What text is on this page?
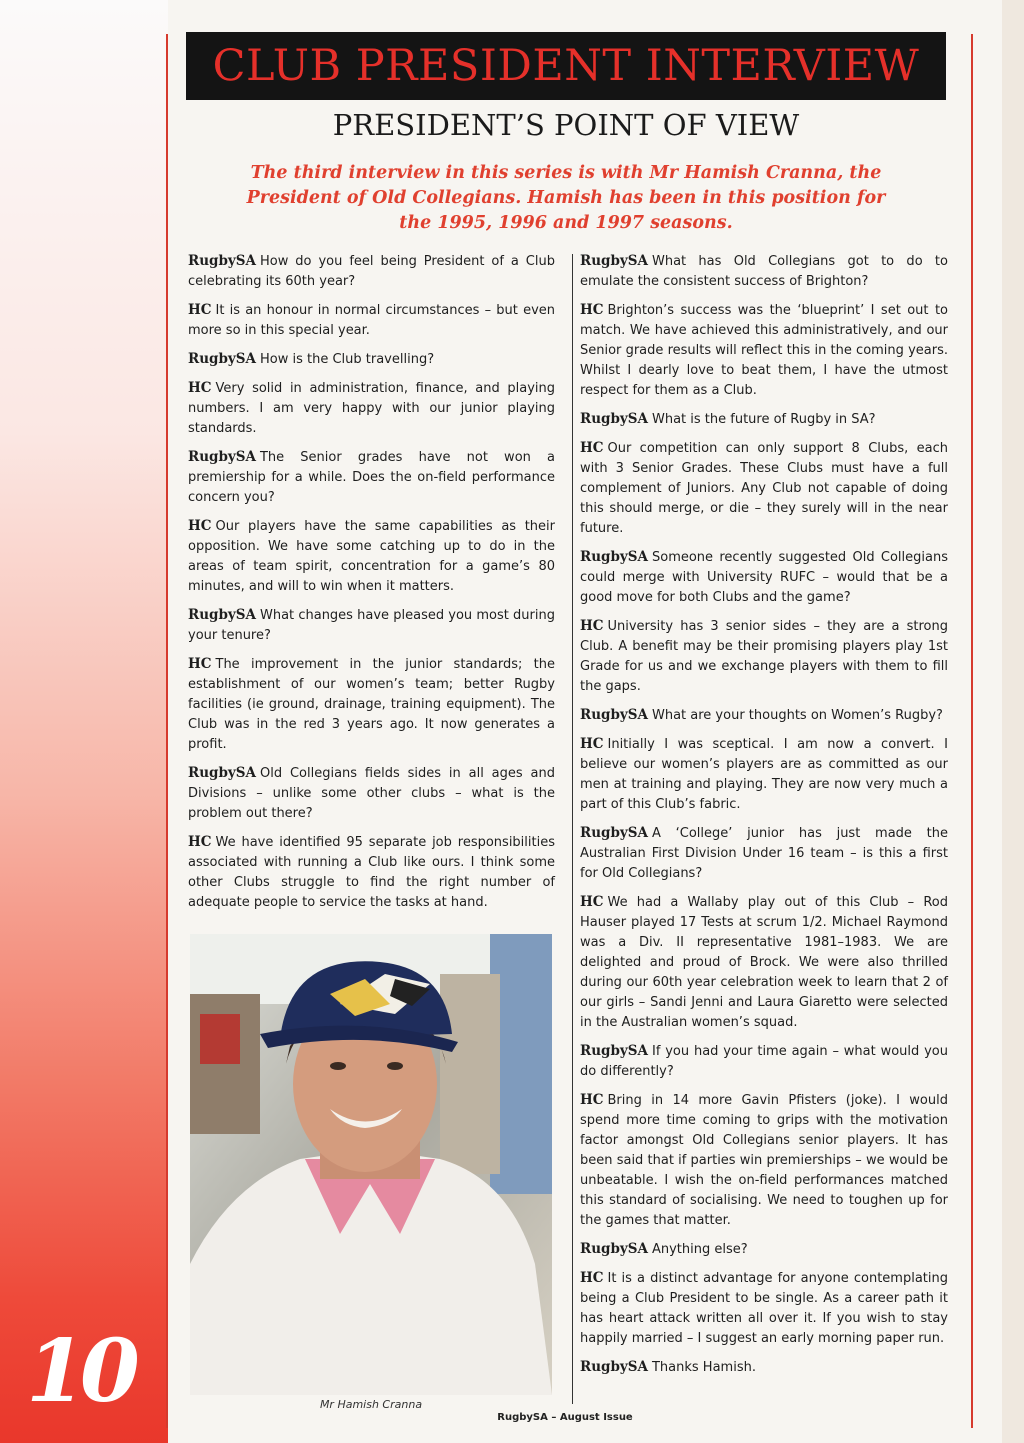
CLUB PRESIDENT INTERVIEW
PRESIDENT’S POINT OF VIEW
The third interview in this series is with Mr Hamish Cranna, the President of Old Collegians. Hamish has been in this position for the 1995, 1996 and 1997 seasons.

RugbySA How do you feel being President of a Club celebrating its 60th year?

HC It is an honour in normal circumstances – but even more so in this special year.

RugbySA How is the Club travelling?

HC Very solid in administration, finance, and playing numbers. I am very happy with our junior playing standards.

RugbySA The Senior grades have not won a premiership for a while. Does the on-field performance concern you?

HC Our players have the same capabilities as their opposition. We have some catching up to do in the areas of team spirit, concentration for a game’s 80 minutes, and will to win when it matters.

RugbySA What changes have pleased you most during your tenure?

HC The improvement in the junior standards; the establishment of our women’s team; better Rugby facilities (ie ground, drainage, training equipment). The Club was in the red 3 years ago. It now generates a profit.

RugbySA Old Collegians fields sides in all ages and Divisions – unlike some other clubs – what is the problem out there?

HC We have identified 95 separate job responsibilities associated with running a Club like ours. I think some other Clubs struggle to find the right number of adequate people to service the tasks at hand.

RugbySA What has Old Collegians got to do to emulate the consistent success of Brighton?

HC Brighton’s success was the ‘blueprint’ I set out to match. We have achieved this administratively, and our Senior grade results will reflect this in the coming years. Whilst I dearly love to beat them, I have the utmost respect for them as a Club.

RugbySA What is the future of Rugby in SA?

HC Our competition can only support 8 Clubs, each with 3 Senior Grades. These Clubs must have a full complement of Juniors. Any Club not capable of doing this should merge, or die – they surely will in the near future.

RugbySA Someone recently suggested Old Collegians could merge with University RUFC – would that be a good move for both Clubs and the game?

HC University has 3 senior sides – they are a strong Club. A benefit may be their promising players play 1st Grade for us and we exchange players with them to fill the gaps.

RugbySA What are your thoughts on Women’s Rugby?

HC Initially I was sceptical. I am now a convert. I believe our women’s players are as committed as our men at training and playing. They are now very much a part of this Club’s fabric.

RugbySA A ‘College’ junior has just made the Australian First Division Under 16 team – is this a first for Old Collegians?

HC We had a Wallaby play out of this Club – Rod Hauser played 17 Tests at scrum 1/2. Michael Raymond was a Div. II representative 1981–1983. We are delighted and proud of Brock. We were also thrilled during our 60th year celebration week to learn that 2 of our girls – Sandi Jenni and Laura Giaretto were selected in the Australian women’s squad.

RugbySA If you had your time again – what would you do differently?

HC Bring in 14 more Gavin Pfisters (joke). I would spend more time coming to grips with the motivation factor amongst Old Collegians senior players. It has been said that if parties win premierships – we would be unbeatable. I wish the on-field performances matched this standard of socialising. We need to toughen up for the games that matter.

RugbySA Anything else?

HC It is a distinct advantage for anyone contemplating being a Club President to be single. As a career path it has heart attack written all over it. If you wish to stay happily married – I suggest an early morning paper run.

RugbySA Thanks Hamish.

Mr Hamish Cranna
10	RugbySA – August Issue
